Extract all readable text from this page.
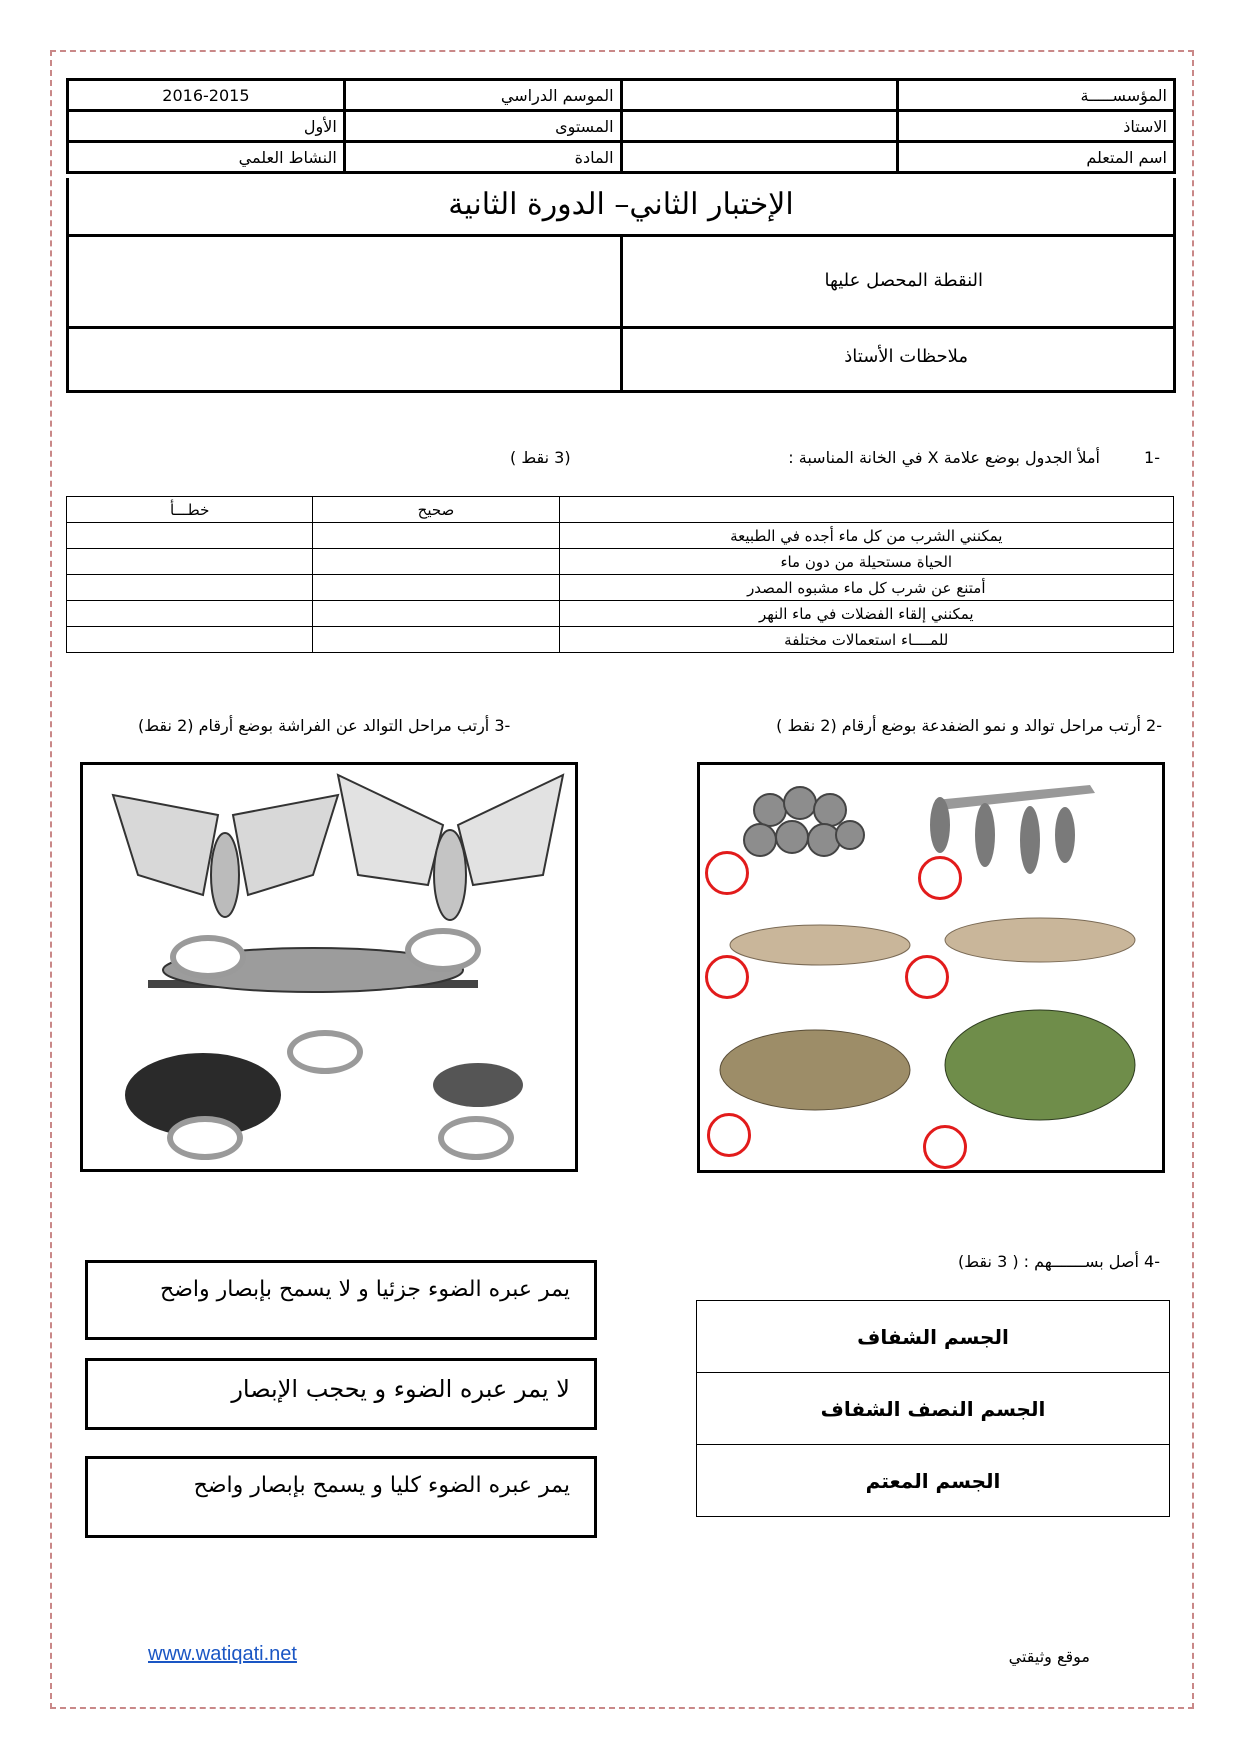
المؤسســـــة		الموسم الدراسي	2016-2015
الاستاذ		المستوى	الأول
اسم المتعلم		المادة	النشاط العلمي
الإختبار الثاني– الدورة الثانية
النقطة المحصل عليها
ملاحظات الأستاذ
-1
أملأ الجدول بوضع علامة X في الخانة المناسبة :
(3 نقط )
	صحيح	خطـــأ
يمكنني الشرب من كل ماء أجده في الطبيعة		
الحياة مستحيلة من دون ماء		
أمتنع عن شرب كل ماء مشبوه المصدر		
يمكنني إلقاء الفضلات في ماء النهر		
للمــــاء استعمالات مختلفة		
-2 أرتب مراحل توالد و نمو الضفدعة بوضع أرقام (2 نقط )
-3 أرتب مراحل التوالد عن الفراشة بوضع أرقام (2 نقط)
-4 أصل بســـــــهم : ( 3 نقط)
يمر عبره الضوء جزئيا و لا يسمح بإبصار واضح
لا يمر عبره الضوء و يحجب الإبصار
يمر عبره الضوء كليا و يسمح بإبصار واضح
الجسم الشفاف
الجسم النصف الشفاف
الجسم المعتم
موقع وثيقتي
www.watiqati.net
